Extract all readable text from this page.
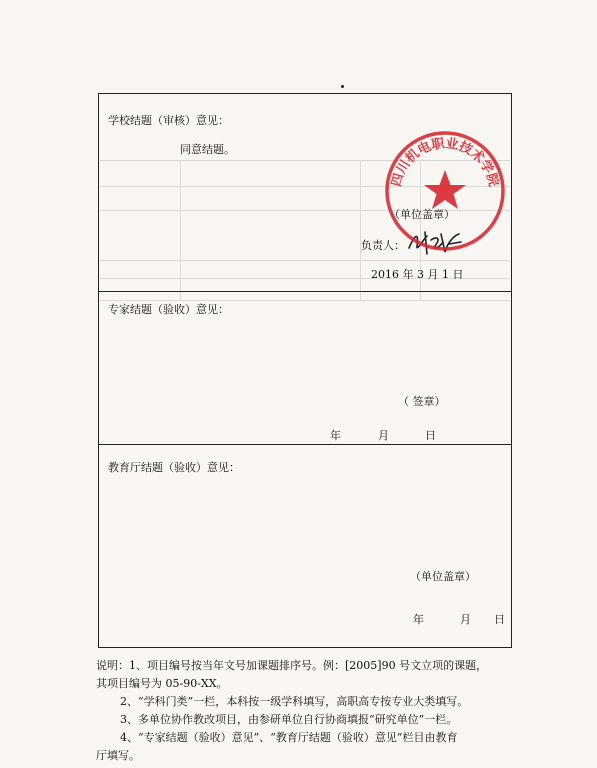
学校结题（审核）意见：
同意结题。
（单位盖章）
负责人：
2016 年 3 月 1 日
专家结题（验收）意见：
（ 签章）
年	月	日
教育厅结题（验收）意见：
（单位盖章）
年	月 日
四川机电职业技术学院
说明：1、项目编号按当年文号加课题排序号。例：[2005]90 号文立项的课题，
其项目编号为 05-90-XX。
2、“学科门类”一栏，本科按一级学科填写，高职高专按专业大类填写。
3、多单位协作教改项目，由参研单位自行协商填报“研究单位”一栏。
4、“专家结题（验收）意见”、“教育厅结题（验收）意见”栏目由教育
厅填写。
